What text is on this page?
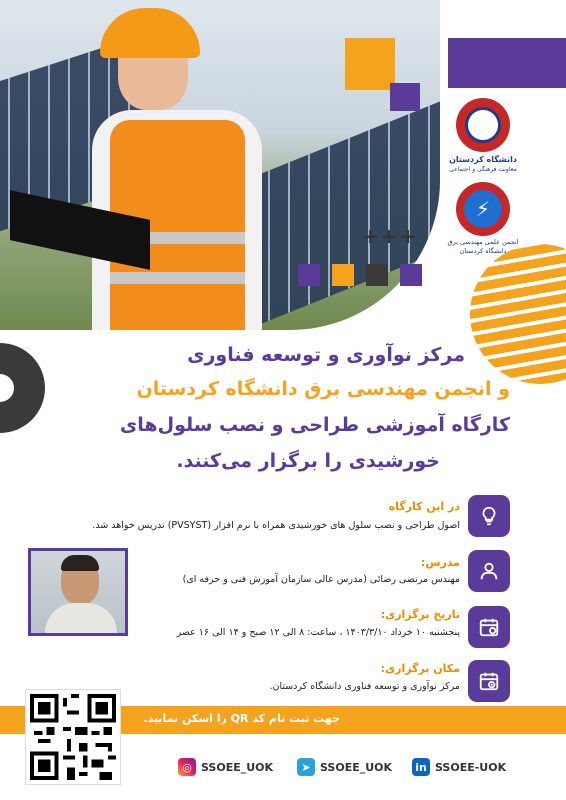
دانشگاه کردستان
معاونت فرهنگی و اجتماعی
⚡
انجمن علمی مهندسی برق
دانشگاه کردستان
+++
مرکز نوآوری و توسعه فناوری
و انجمن مهندسی برق دانشگاه کردستان
کارگاه آموزشی طراحی و نصب سلول‌های
خورشیدی را برگزار می‌کنند.
در این کارگاه
اصول طراحی و نصب سلول های خورشیدی همراه با نرم افزار (PVSYST) تدریس خواهد شد.
مدرس:
مهندس مرتضی رضائی (مدرس عالی سازمان آموزش فنی و حرفه ای)
تاریخ برگزاری:
پنجشنبه ۱۰ خرداد ۱۴۰۳/۳/۱۰ ، ساعت: ۸ الی ۱۲ صبح و ۱۴ الی ۱۶ عصر
مکان برگزاری:
مرکز نوآوری و توسعه فناوری دانشگاه کردستان.
جهت ثبت نام کد QR را اسکن نمایید.
◎ SSOEE_UOK	➤ SSOEE_UOK in SSOEE-UOK
